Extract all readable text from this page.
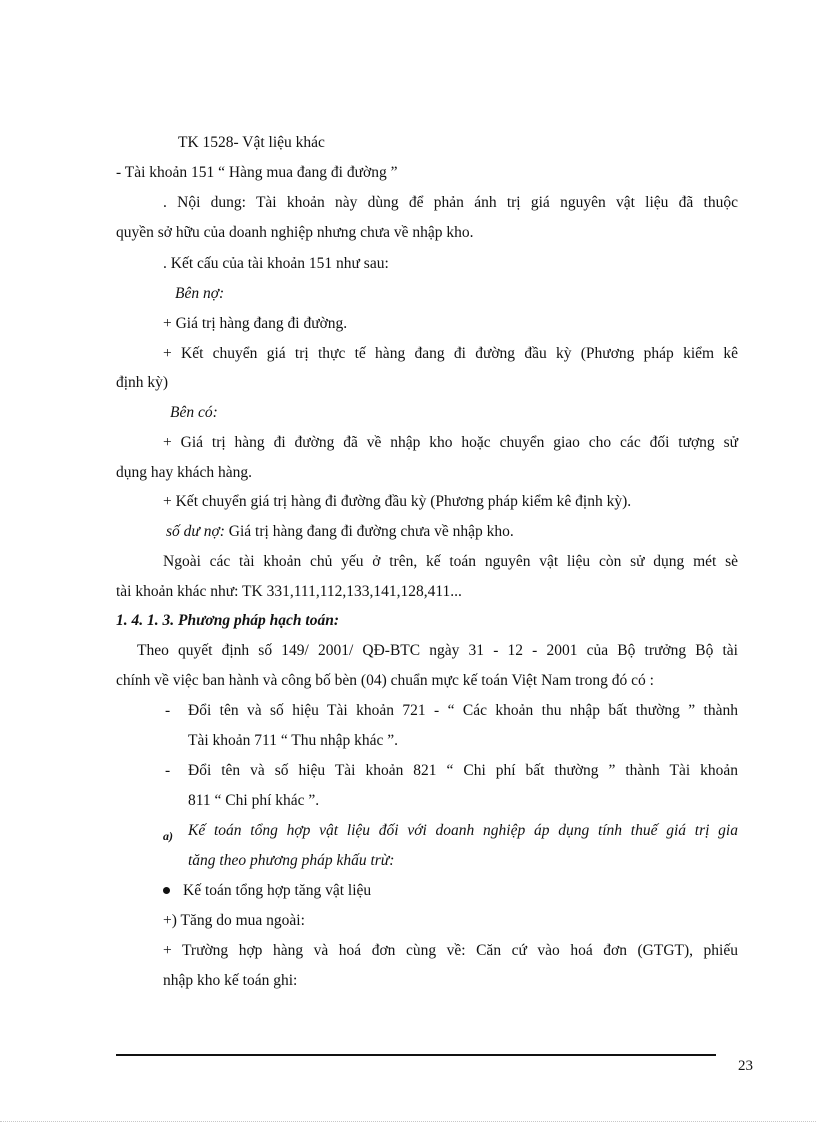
TK 1528- Vật liệu khác
- Tài khoản 151 “ Hàng mua đang đi đường ”
. Nội dung: Tài khoản này dùng để phản ánh trị giá nguyên vật liệu đã thuộc
quyền sở hữu của doanh nghiệp nhưng chưa về nhập kho.
. Kết cấu của tài khoản 151 như sau:
Bên nợ:
+ Giá trị hàng đang đi đường.
+ Kết chuyển giá trị thực tế hàng đang đi đường đầu kỳ (Phương pháp kiểm kê
định kỳ)
Bên có:
+ Giá trị hàng đi đường đã về nhập kho hoặc chuyển giao cho các đối tượng sử
dụng hay khách hàng.
+ Kết chuyển giá trị hàng đi đường đầu kỳ (Phương pháp kiểm kê định kỳ).
số dư nợ: Giá trị hàng đang đi đường chưa về nhập kho.
Ngoài các tài khoản chủ yếu ở trên, kế toán nguyên vật liệu còn sử dụng mét sè
tài khoản khác như: TK 331,111,112,133,141,128,411...
1. 4. 1. 3. Phương pháp hạch toán:
Theo quyết định số 149/ 2001/ QĐ-BTC ngày 31 - 12 - 2001 của Bộ trưởng Bộ tài
chính về việc ban hành và công bố bèn (04) chuẩn mực kế toán Việt Nam trong đó có :
- Đổi tên và số hiệu Tài khoản 721 - “ Các khoản thu nhập bất thường ” thành
Tài khoản 711 “ Thu nhập khác ”.
- Đổi tên và số hiệu Tài khoản 821 “ Chi phí bất thường ” thành Tài khoản
811 “ Chi phí khác ”.
a) Kế toán tổng hợp vật liệu đối với doanh nghiệp áp dụng tính thuế giá trị gia
tăng theo phương pháp khấu trừ:
Kế toán tổng hợp tăng vật liệu
+) Tăng do mua ngoài:
+ Trường hợp hàng và hoá đơn cùng về: Căn cứ vào hoá đơn (GTGT), phiếu
nhập kho kế toán ghi:
23
